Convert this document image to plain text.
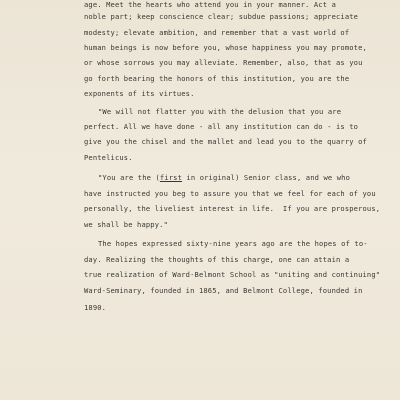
age. Meet the hearts who attend you in your manner. Act a
noble part; keep conscience clear; subdue passions; appreciate
modesty; elevate ambition, and remember that a vast world of
human beings is now before you, whose happiness you may promote,
or whose sorrows you may alleviate. Remember, also, that as you
go forth bearing the honors of this institution, you are the
exponents of its virtues.
"We will not flatter you with the delusion that you are
perfect. All we have done - all any institution can do - is to
give you the chisel and the mallet and lead you to the quarry of
Pentelicus.
"You are the (first in original) Senior class, and we who
have instructed you beg to assure you that we feel for each of you
personally, the liveliest interest in life.  If you are prosperous,
we shall be happy."
The hopes expressed sixty-nine years ago are the hopes of to-
day. Realizing the thoughts of this charge, one can attain a
true realization of Ward-Belmont School as "uniting and continuing"
Ward-Seminary, founded in 1865, and Belmont College, founded in
1890.
